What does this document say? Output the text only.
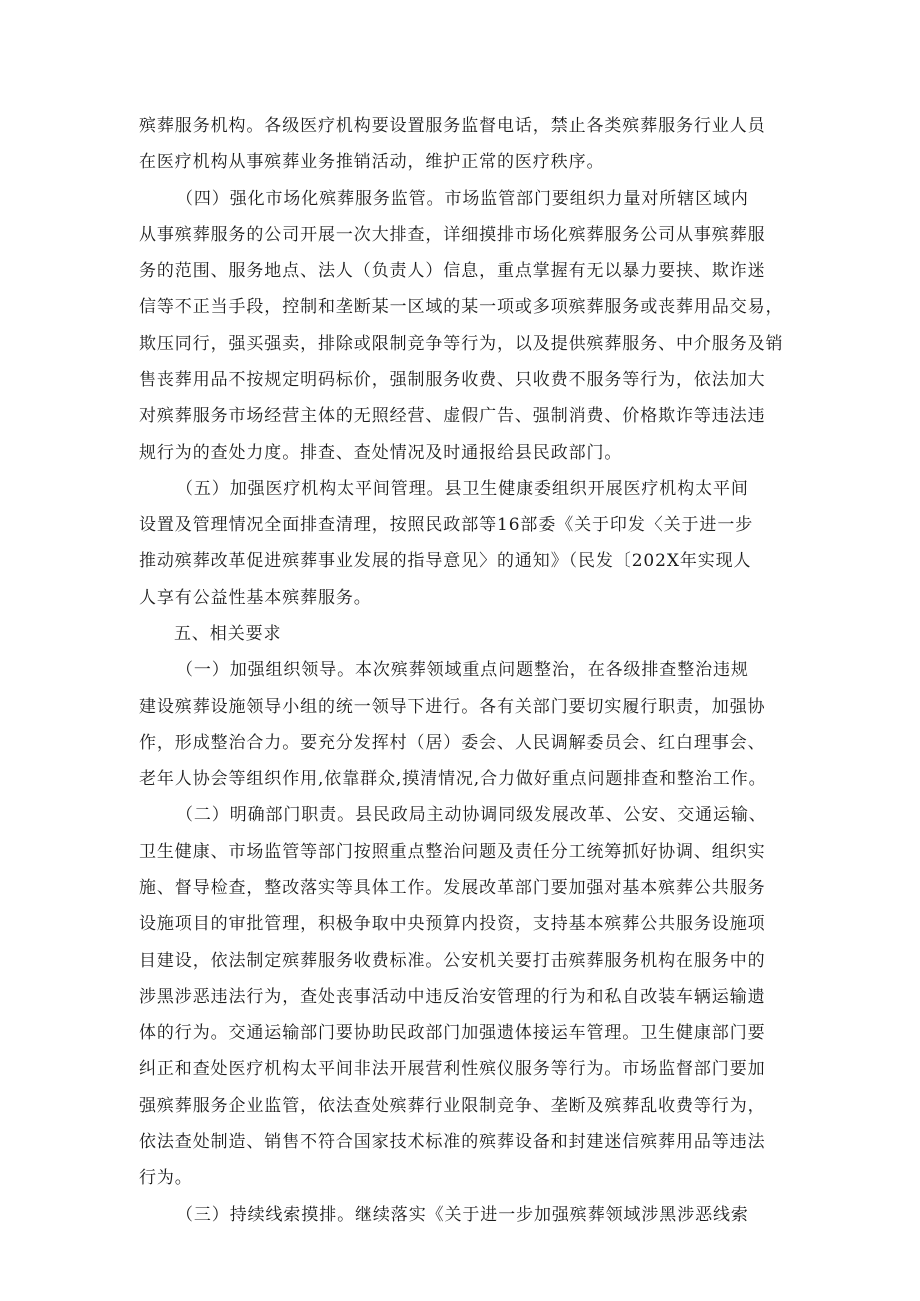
殡葬服务机构。各级医疗机构要设置服务监督电话，禁止各类殡葬服务行业人员
在医疗机构从事殡葬业务推销活动，维护正常的医疗秩序。
（四）强化市场化殡葬服务监管。市场监管部门要组织力量对所辖区域内
从事殡葬服务的公司开展一次大排查，详细摸排市场化殡葬服务公司从事殡葬服
务的范围、服务地点、法人（负责人）信息，重点掌握有无以暴力要挟、欺诈迷
信等不正当手段，控制和垄断某一区域的某一项或多项殡葬服务或丧葬用品交易，
欺压同行，强买强卖，排除或限制竞争等行为，以及提供殡葬服务、中介服务及销
售丧葬用品不按规定明码标价，强制服务收费、只收费不服务等行为，依法加大
对殡葬服务市场经营主体的无照经营、虚假广告、强制消费、价格欺诈等违法违
规行为的查处力度。排查、查处情况及时通报给县民政部门。
（五）加强医疗机构太平间管理。县卫生健康委组织开展医疗机构太平间
设置及管理情况全面排查清理，按照民政部等16部委《关于印发〈关于进一步
推动殡葬改革促进殡葬事业发展的指导意见〉的通知》（民发〔202X年实现人
人享有公益性基本殡葬服务。
五、相关要求
（一）加强组织领导。本次殡葬领域重点问题整治，在各级排查整治违规
建设殡葬设施领导小组的统一领导下进行。各有关部门要切实履行职责，加强协
作，形成整治合力。要充分发挥村（居）委会、人民调解委员会、红白理事会、
老年人协会等组织作用,依靠群众,摸清情况,合力做好重点问题排查和整治工作。
（二）明确部门职责。县民政局主动协调同级发展改革、公安、交通运输、
卫生健康、市场监管等部门按照重点整治问题及责任分工统筹抓好协调、组织实
施、督导检查，整改落实等具体工作。发展改革部门要加强对基本殡葬公共服务
设施项目的审批管理，积极争取中央预算内投资，支持基本殡葬公共服务设施项
目建设，依法制定殡葬服务收费标准。公安机关要打击殡葬服务机构在服务中的
涉黑涉恶违法行为，查处丧事活动中违反治安管理的行为和私自改装车辆运输遗
体的行为。交通运输部门要协助民政部门加强遗体接运车管理。卫生健康部门要
纠正和查处医疗机构太平间非法开展营利性殡仪服务等行为。市场监督部门要加
强殡葬服务企业监管，依法查处殡葬行业限制竞争、垄断及殡葬乱收费等行为，
依法查处制造、销售不符合国家技术标准的殡葬设备和封建迷信殡葬用品等违法
行为。
（三）持续线索摸排。继续落实《关于进一步加强殡葬领域涉黑涉恶线索
